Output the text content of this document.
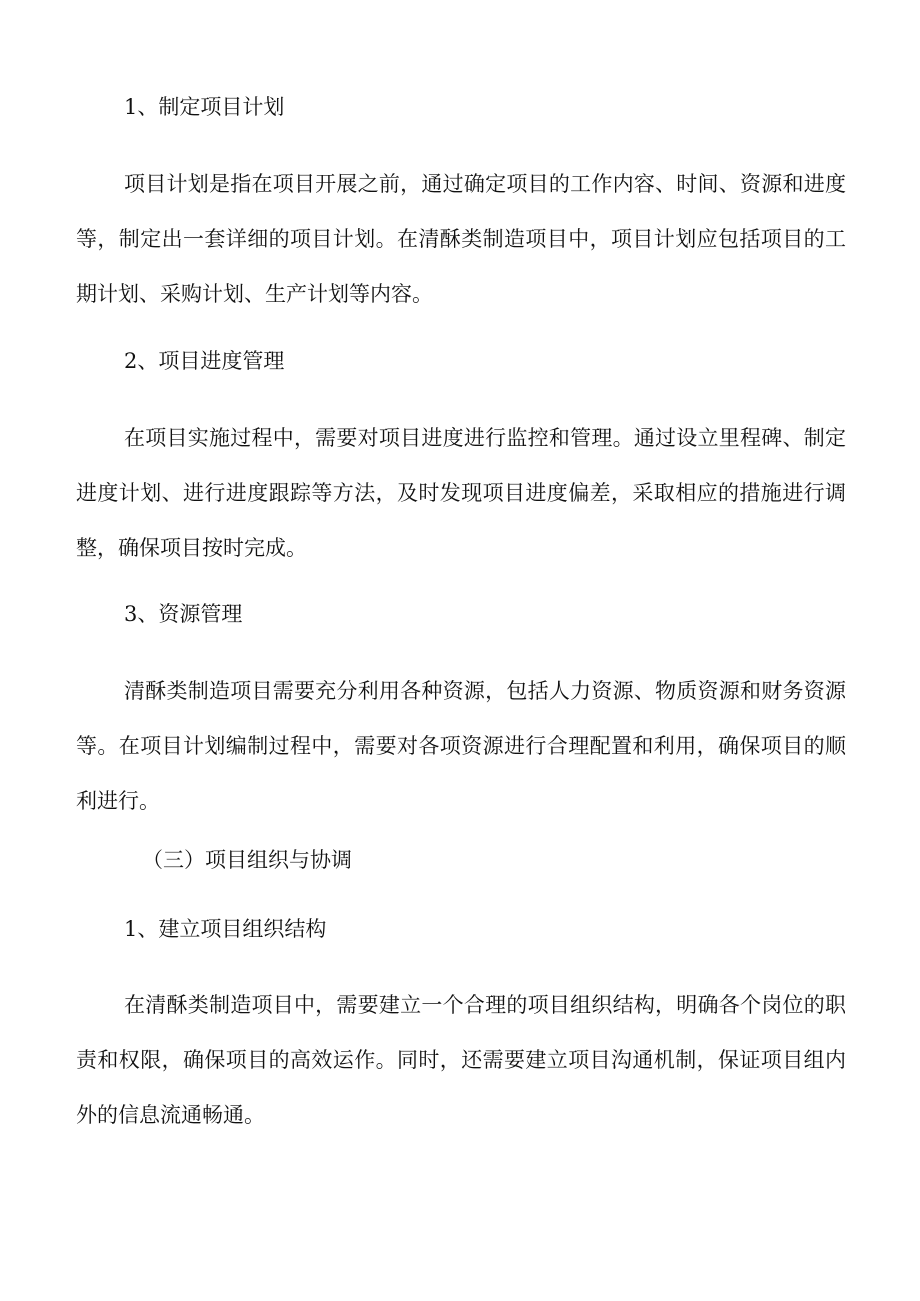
1、制定项目计划

项目计划是指在项目开展之前，通过确定项目的工作内容、时间、资源和进度等，制定出一套详细的项目计划。在清酥类制造项目中，项目计划应包括项目的工期计划、采购计划、生产计划等内容。

2、项目进度管理

在项目实施过程中，需要对项目进度进行监控和管理。通过设立里程碑、制定进度计划、进行进度跟踪等方法，及时发现项目进度偏差，采取相应的措施进行调整，确保项目按时完成。

3、资源管理

清酥类制造项目需要充分利用各种资源，包括人力资源、物质资源和财务资源等。在项目计划编制过程中，需要对各项资源进行合理配置和利用，确保项目的顺利进行。

（三）项目组织与协调

1、建立项目组织结构

在清酥类制造项目中，需要建立一个合理的项目组织结构，明确各个岗位的职责和权限，确保项目的高效运作。同时，还需要建立项目沟通机制，保证项目组内外的信息流通畅通。
